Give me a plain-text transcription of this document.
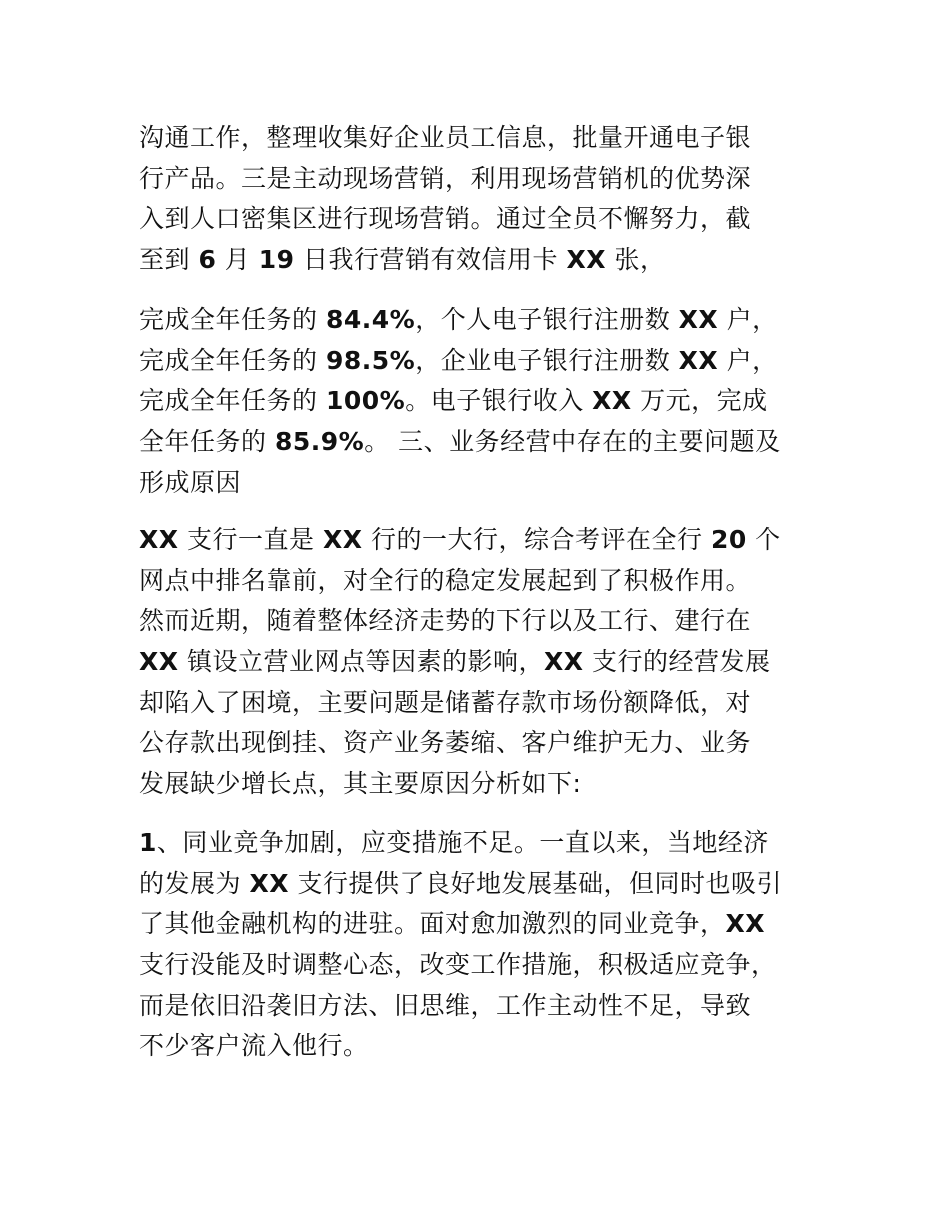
沟通工作，整理收集好企业员工信息，批量开通电子银
行产品。三是主动现场营销，利用现场营销机的优势深
入到人口密集区进行现场营销。通过全员不懈努力，截
至到 6 月 19 日我行营销有效信用卡 XX 张，
完成全年任务的 84.4%，个人电子银行注册数 XX 户，
完成全年任务的 98.5%，企业电子银行注册数 XX 户，
完成全年任务的 100%。电子银行收入 XX 万元，完成
全年任务的 85.9%。 三、业务经营中存在的主要问题及
形成原因
XX 支行一直是 XX 行的一大行，综合考评在全行 20 个
网点中排名靠前，对全行的稳定发展起到了积极作用。
然而近期，随着整体经济走势的下行以及工行、建行在
XX 镇设立营业网点等因素的影响，XX 支行的经营发展
却陷入了困境，主要问题是储蓄存款市场份额降低，对
公存款出现倒挂、资产业务萎缩、客户维护无力、业务
发展缺少增长点，其主要原因分析如下:
1、同业竞争加剧，应变措施不足。一直以来，当地经济
的发展为 XX 支行提供了良好地发展基础，但同时也吸引
了其他金融机构的进驻。面对愈加激烈的同业竞争，XX
支行没能及时调整心态，改变工作措施，积极适应竞争，
而是依旧沿袭旧方法、旧思维，工作主动性不足，导致
不少客户流入他行。
